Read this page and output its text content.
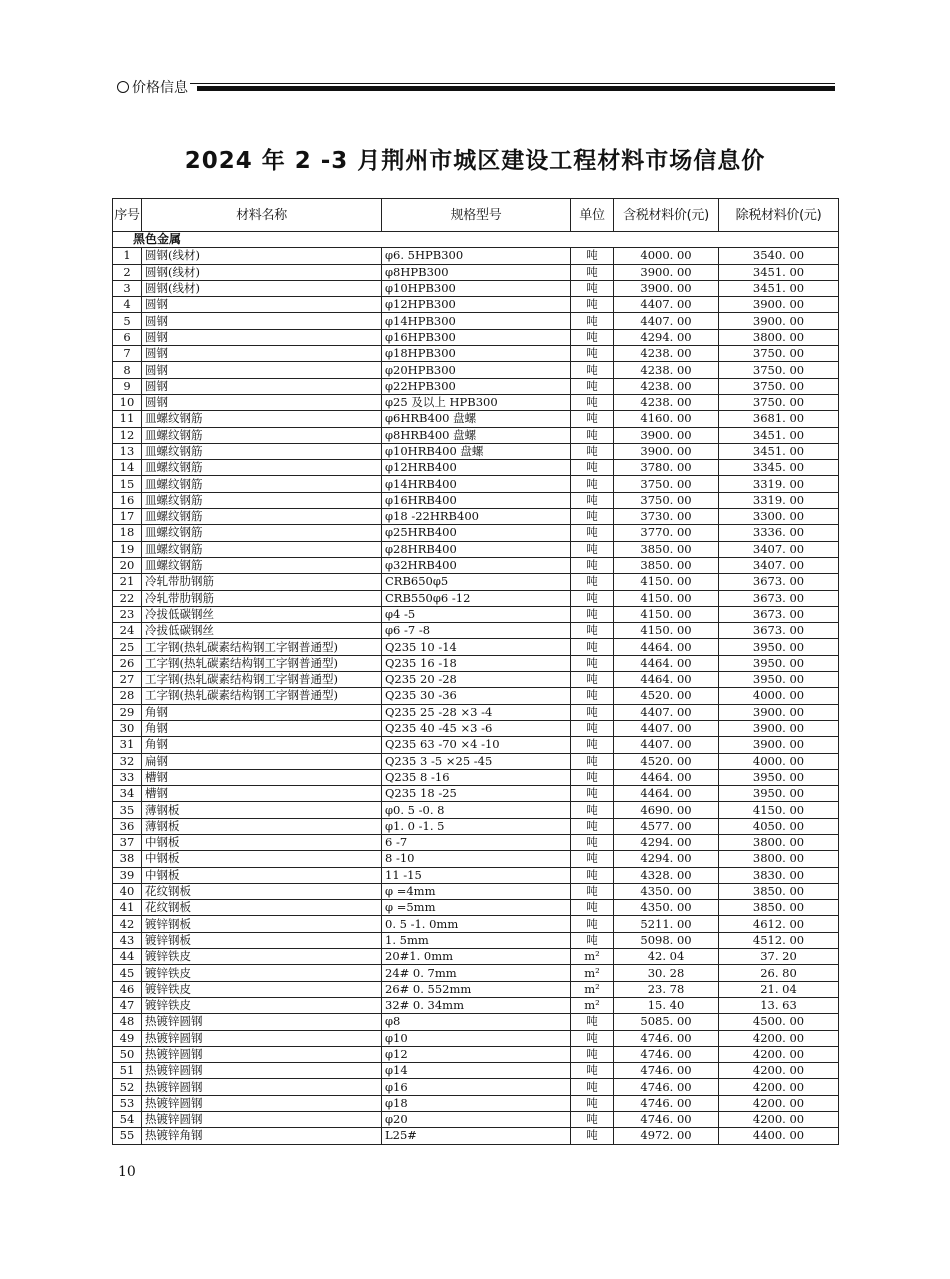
价格信息
2024 年 2 -3 月荆州市城区建设工程材料市场信息价
序号	材料名称	规格型号	单位	含税材料价(元)	除税材料价(元)
黑色金属					
1	圆钢(线材)	φ6. 5HPB300	吨	4000. 00	3540. 00
2	圆钢(线材)	φ8HPB300	吨	3900. 00	3451. 00
3	圆钢(线材)	φ10HPB300	吨	3900. 00	3451. 00
4	圆钢	φ12HPB300	吨	4407. 00	3900. 00
5	圆钢	φ14HPB300	吨	4407. 00	3900. 00
6	圆钢	φ16HPB300	吨	4294. 00	3800. 00
7	圆钢	φ18HPB300	吨	4238. 00	3750. 00
8	圆钢	φ20HPB300	吨	4238. 00	3750. 00
9	圆钢	φ22HPB300	吨	4238. 00	3750. 00
10	圆钢	φ25 及以上 HPB300	吨	4238. 00	3750. 00
11	皿螺纹钢筋	φ6HRB400 盘螺	吨	4160. 00	3681. 00
12	皿螺纹钢筋	φ8HRB400 盘螺	吨	3900. 00	3451. 00
13	皿螺纹钢筋	φ10HRB400 盘螺	吨	3900. 00	3451. 00
14	皿螺纹钢筋	φ12HRB400	吨	3780. 00	3345. 00
15	皿螺纹钢筋	φ14HRB400	吨	3750. 00	3319. 00
16	皿螺纹钢筋	φ16HRB400	吨	3750. 00	3319. 00
17	皿螺纹钢筋	φ18 -22HRB400	吨	3730. 00	3300. 00
18	皿螺纹钢筋	φ25HRB400	吨	3770. 00	3336. 00
19	皿螺纹钢筋	φ28HRB400	吨	3850. 00	3407. 00
20	皿螺纹钢筋	φ32HRB400	吨	3850. 00	3407. 00
21	冷轧带肋钢筋	CRB650φ5	吨	4150. 00	3673. 00
22	冷轧带肋钢筋	CRB550φ6 -12	吨	4150. 00	3673. 00
23	冷拔低碳钢丝	φ4 -5	吨	4150. 00	3673. 00
24	冷拔低碳钢丝	φ6 -7 -8	吨	4150. 00	3673. 00
25	工字钢(热轧碳素结构钢工字钢普通型)	Q235 10 -14	吨	4464. 00	3950. 00
26	工字钢(热轧碳素结构钢工字钢普通型)	Q235 16 -18	吨	4464. 00	3950. 00
27	工字钢(热轧碳素结构钢工字钢普通型)	Q235 20 -28	吨	4464. 00	3950. 00
28	工字钢(热轧碳素结构钢工字钢普通型)	Q235 30 -36	吨	4520. 00	4000. 00
29	角钢	Q235 25 -28 ×3 -4	吨	4407. 00	3900. 00
30	角钢	Q235 40 -45 ×3 -6	吨	4407. 00	3900. 00
31	角钢	Q235 63 -70 ×4 -10	吨	4407. 00	3900. 00
32	扁钢	Q235 3 -5 ×25 -45	吨	4520. 00	4000. 00
33	槽钢	Q235 8 -16	吨	4464. 00	3950. 00
34	槽钢	Q235 18 -25	吨	4464. 00	3950. 00
35	薄钢板	φ0. 5 -0. 8	吨	4690. 00	4150. 00
36	薄钢板	φ1. 0 -1. 5	吨	4577. 00	4050. 00
37	中钢板	6 -7	吨	4294. 00	3800. 00
38	中钢板	8 -10	吨	4294. 00	3800. 00
39	中钢板	11 -15	吨	4328. 00	3830. 00
40	花纹钢板	φ =4mm	吨	4350. 00	3850. 00
41	花纹钢板	φ =5mm	吨	4350. 00	3850. 00
42	镀锌钢板	0. 5 -1. 0mm	吨	5211. 00	4612. 00
43	镀锌钢板	1. 5mm	吨	5098. 00	4512. 00
44	镀锌铁皮	20#1. 0mm	m²	42. 04	37. 20
45	镀锌铁皮	24# 0. 7mm	m²	30. 28	26. 80
46	镀锌铁皮	26# 0. 552mm	m²	23. 78	21. 04
47	镀锌铁皮	32# 0. 34mm	m²	15. 40	13. 63
48	热镀锌圆钢	φ8	吨	5085. 00	4500. 00
49	热镀锌圆钢	φ10	吨	4746. 00	4200. 00
50	热镀锌圆钢	φ12	吨	4746. 00	4200. 00
51	热镀锌圆钢	φ14	吨	4746. 00	4200. 00
52	热镀锌圆钢	φ16	吨	4746. 00	4200. 00
53	热镀锌圆钢	φ18	吨	4746. 00	4200. 00
54	热镀锌圆钢	φ20	吨	4746. 00	4200. 00
55	热镀锌角钢	L25#	吨	4972. 00	4400. 00
10
